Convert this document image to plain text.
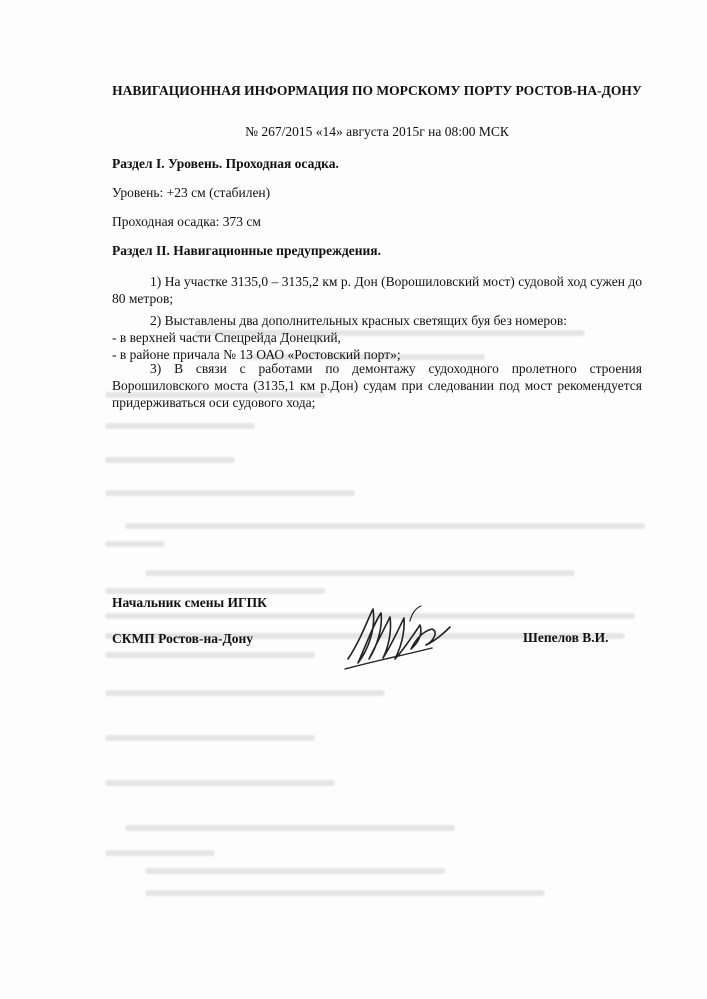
НАВИГАЦИОННАЯ ИНФОРМАЦИЯ ПО МОРСКОМУ ПОРТУ РОСТОВ-НА-ДОНУ
№ 267/2015 «14» августа 2015г на 08:00 МСК
Раздел I. Уровень. Проходная осадка.
Уровень: +23 см (стабилен)
Проходная осадка: 373 см
Раздел II. Навигационные предупреждения.
1) На участке 3135,0 – 3135,2 км р. Дон (Ворошиловский мост) судовой ход сужен до 80 метров;
2) Выставлены два дополнительных красных светящих буя без номеров:
- в верхней части Спецрейда Донецкий,
- в районе причала № 13 ОАО «Ростовский порт»;
3) В связи с работами по демонтажу судоходного пролетного строения Ворошиловского моста (3135,1 км р.Дон) судам при следовании под мост рекомендуется придерживаться оси судового хода;
Начальник смены ИГПК
СКМП Ростов-на-Дону	Шепелов В.И.
